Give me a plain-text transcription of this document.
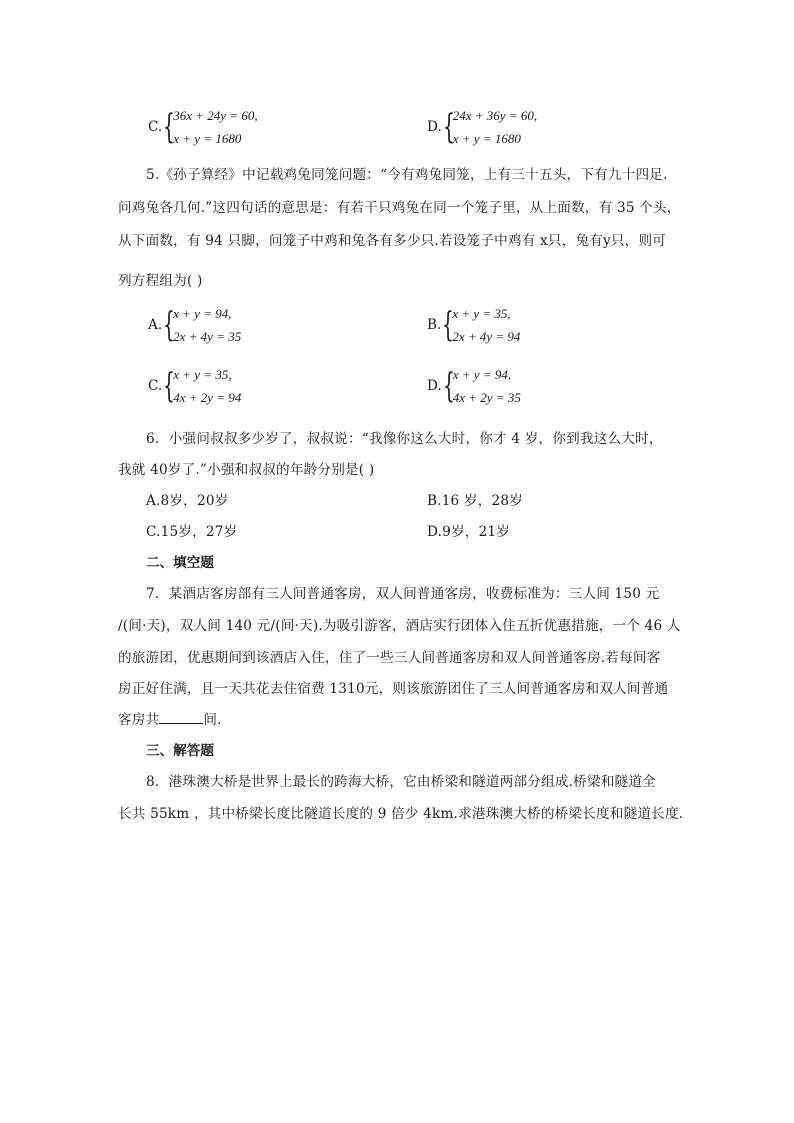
C. {
36x + 24y = 60,
x + y = 1680
D. {
24x + 36y = 60,
x + y = 1680
5.《孙子算经》中记载鸡兔同笼问题：“今有鸡兔同笼，上有三十五头，下有九十四足.
问鸡兔各几何.”这四句话的意思是：有若干只鸡兔在同一个笼子里，从上面数，有 35 个头，
从下面数，有 94 只脚，问笼子中鸡和兔各有多少只.若设笼子中鸡有 x只，兔有y只，则可
列方程组为( )
A. {
x + y = 94,
2x + 4y = 35
B. {
x + y = 35,
2x + 4y = 94
C. {
x + y = 35,
4x + 2y = 94
D. {
x + y = 94,
4x + 2y = 35
6．小强问叔叔多少岁了，叔叔说：“我像你这么大时，你才 4 岁，你到我这么大时，
我就 40岁了.”小强和叔叔的年龄分别是( )
A.8岁，20岁	B.16 岁，28岁
C.15岁，27岁	D.9岁，21岁
二、填空题
7．某酒店客房部有三人间普通客房，双人间普通客房，收费标准为：三人间 150 元
/(间·天)，双人间 140 元/(间·天).为吸引游客，酒店实行团体入住五折优惠措施，一个 46 人
的旅游团，优惠期间到该酒店入住，住了一些三人间普通客房和双人间普通客房.若每间客
房正好住满，且一天共花去住宿费 1310元，则该旅游团住了三人间普通客房和双人间普通
客房共	间.
三、解答题
8．港珠澳大桥是世界上最长的跨海大桥，它由桥梁和隧道两部分组成.桥梁和隧道全
长共 55km ，其中桥梁长度比隧道长度的 9 倍少 4km.求港珠澳大桥的桥梁长度和隧道长度.
